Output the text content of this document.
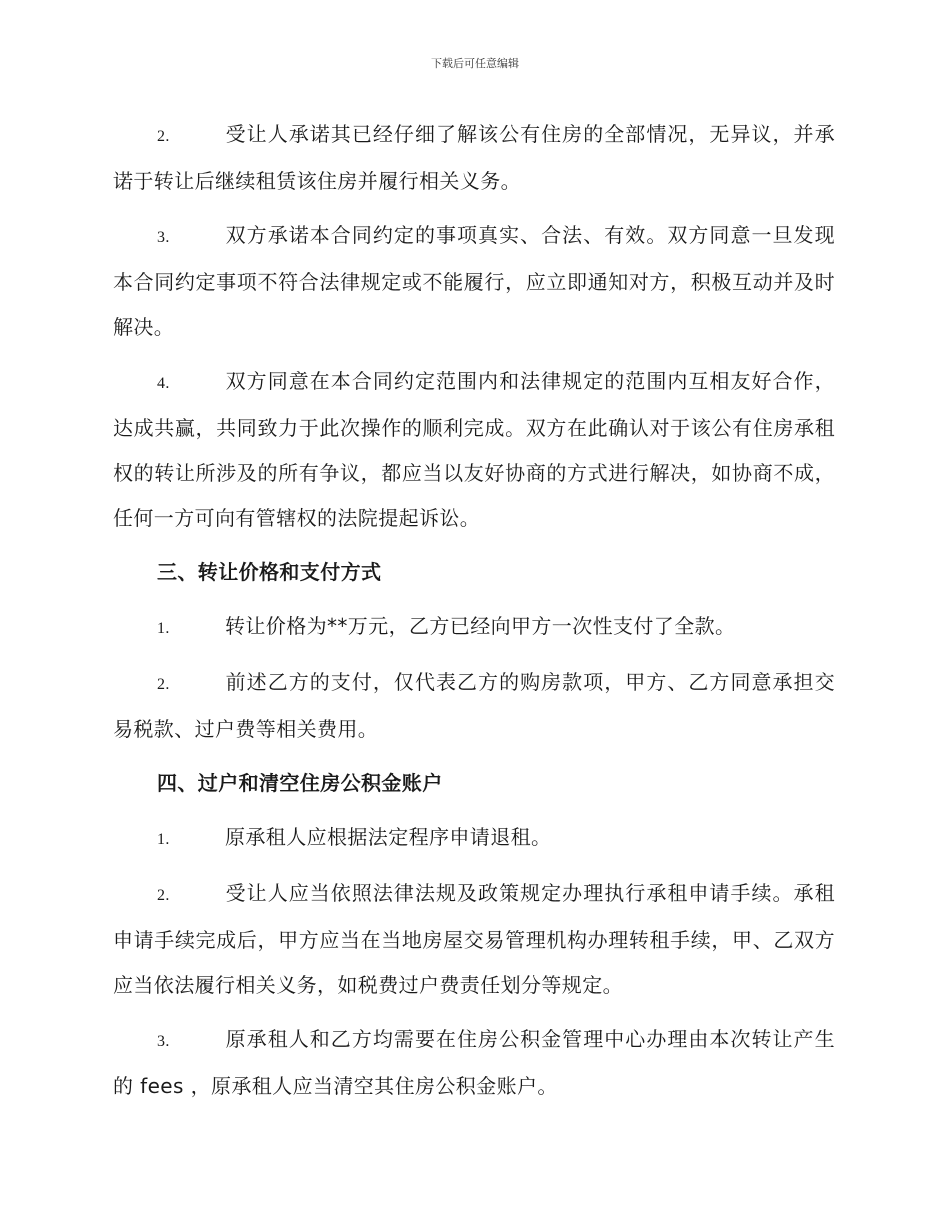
下载后可任意编辑

2.	受让人承诺其已经仔细了解该公有住房的全部情况，无异议，并承诺于转让后继续租赁该住房并履行相关义务。

3.	双方承诺本合同约定的事项真实、合法、有效。双方同意一旦发现本合同约定事项不符合法律规定或不能履行，应立即通知对方，积极互动并及时解决。

4.	双方同意在本合同约定范围内和法律规定的范围内互相友好合作，达成共赢，共同致力于此次操作的顺利完成。双方在此确认对于该公有住房承租权的转让所涉及的所有争议，都应当以友好协商的方式进行解决，如协商不成，任何一方可向有管辖权的法院提起诉讼。

三、转让价格和支付方式

1.	转让价格为**万元，乙方已经向甲方一次性支付了全款。

2.	前述乙方的支付，仅代表乙方的购房款项，甲方、乙方同意承担交易税款、过户费等相关费用。

四、过户和清空住房公积金账户

1.	原承租人应根据法定程序申请退租。

2.	受让人应当依照法律法规及政策规定办理执行承租申请手续。承租申请手续完成后，甲方应当在当地房屋交易管理机构办理转租手续，甲、乙双方应当依法履行相关义务，如税费过户费责任划分等规定。

3.	原承租人和乙方均需要在住房公积金管理中心办理由本次转让产生的 fees ，原承租人应当清空其住房公积金账户。
